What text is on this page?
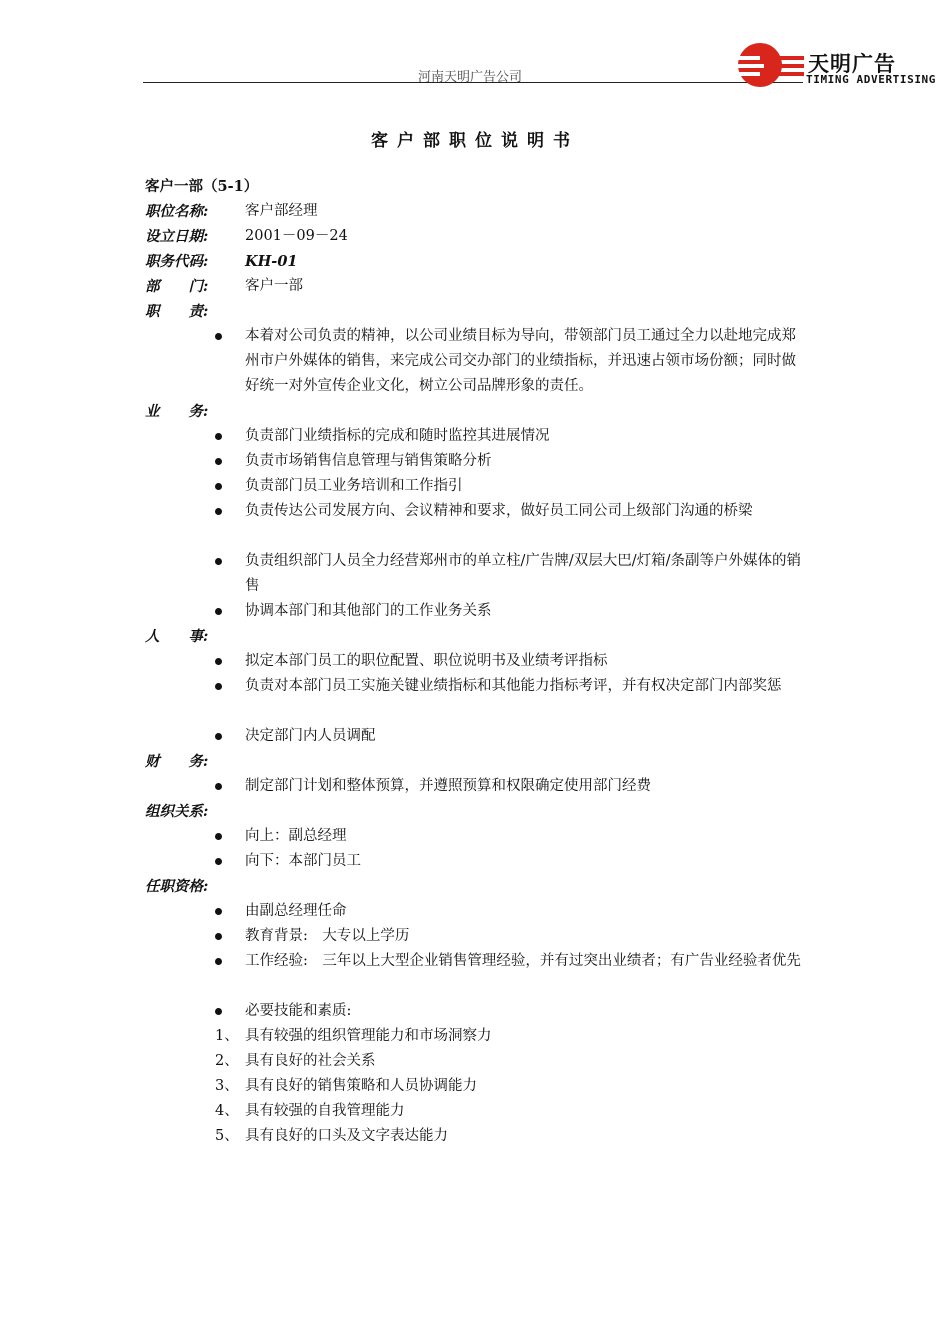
河南天明广告公司
天明广告
TIMING ADVERTISING
客户部职位说明书
客户一部（5-1）
职位名称:	客户部经理
设立日期:	2001－09－24
职务代码:	KH-01
部　　门:	客户一部
职　　责:
本着对公司负责的精神，以公司业绩目标为导向，带领部门员工通过全力以赴地完成郑州市户外媒体的销售，来完成公司交办部门的业绩指标，并迅速占领市场份额；同时做好统一对外宣传企业文化，树立公司品牌形象的责任。
业　　务:
负责部门业绩指标的完成和随时监控其进展情况
负责市场销售信息管理与销售策略分析
负责部门员工业务培训和工作指引
负责传达公司发展方向、会议精神和要求，做好员工同公司上级部门沟通的桥梁
负责组织部门人员全力经营郑州市的单立柱/广告牌/双层大巴/灯箱/条副等户外媒体的销售
协调本部门和其他部门的工作业务关系
人　　事:
拟定本部门员工的职位配置、职位说明书及业绩考评指标
负责对本部门员工实施关键业绩指标和其他能力指标考评，并有权决定部门内部奖惩
决定部门内人员调配
财　　务:
制定部门计划和整体预算，并遵照预算和权限确定使用部门经费
组织关系:
向上：副总经理
向下：本部门员工
任职资格:
由副总经理任命
教育背景:　大专以上学历
工作经验:　三年以上大型企业销售管理经验，并有过突出业绩者；有广告业经验者优先
必要技能和素质:
1、 具有较强的组织管理能力和市场洞察力
2、 具有良好的社会关系
3、 具有良好的销售策略和人员协调能力
4、 具有较强的自我管理能力
5、 具有良好的口头及文字表达能力
